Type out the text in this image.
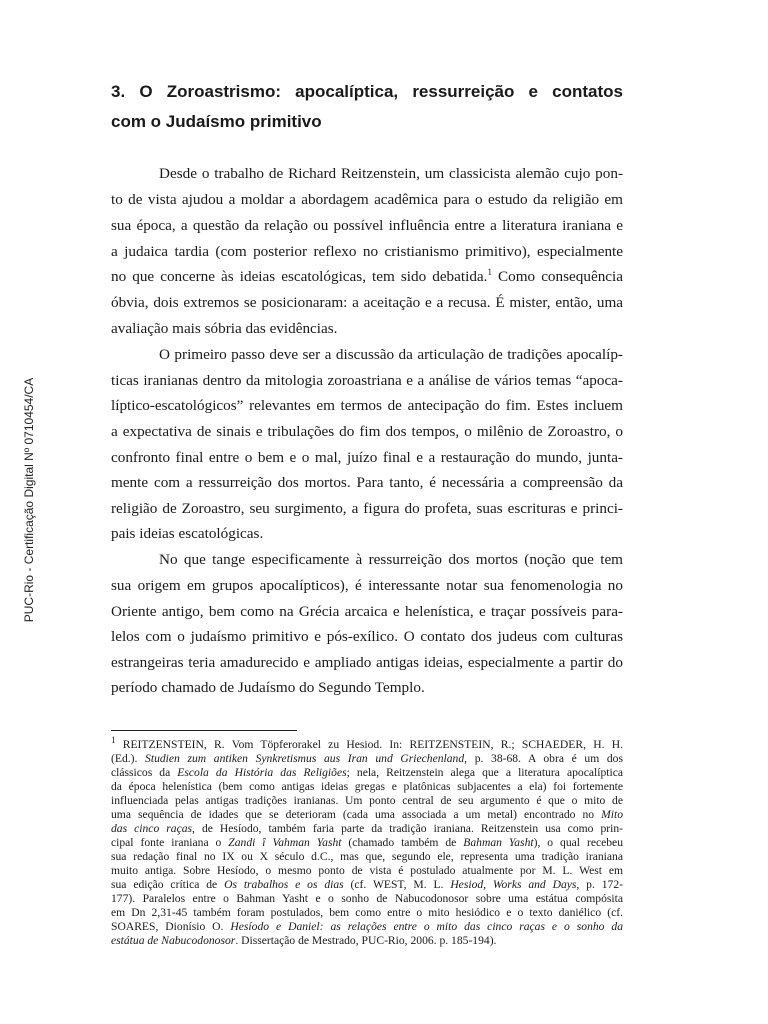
PUC-Rio - Certificação Digital Nº 0710454/CA
3. O Zoroastrismo: apocalíptica, ressurreição e contatos
com o Judaísmo primitivo
Desde o trabalho de Richard Reitzenstein, um classicista alemão cujo pon-
to de vista ajudou a moldar a abordagem acadêmica para o estudo da religião em
sua época, a questão da relação ou possível influência entre a literatura iraniana e
a judaica tardia (com posterior reflexo no cristianismo primitivo), especialmente
no que concerne às ideias escatológicas, tem sido debatida.$^1$ Como consequência
óbvia, dois extremos se posicionaram: a aceitação e a recusa. É mister, então, uma
avaliação mais sóbria das evidências.
O primeiro passo deve ser a discussão da articulação de tradições apocalíp-
ticas iranianas dentro da mitologia zoroastriana e a análise de vários temas “apoca-
líptico-escatológicos” relevantes em termos de antecipação do fim. Estes incluem
a expectativa de sinais e tribulações do fim dos tempos, o milênio de Zoroastro, o
confronto final entre o bem e o mal, juízo final e a restauração do mundo, junta-
mente com a ressurreição dos mortos. Para tanto, é necessária a compreensão da
religião de Zoroastro, seu surgimento, a figura do profeta, suas escrituras e princi-
pais ideias escatológicas.
No que tange especificamente à ressurreição dos mortos (noção que tem
sua origem em grupos apocalípticos), é interessante notar sua fenomenologia no
Oriente antigo, bem como na Grécia arcaica e helenística, e traçar possíveis para-
lelos com o judaísmo primitivo e pós-exílico. O contato dos judeus com culturas
estrangeiras teria amadurecido e ampliado antigas ideias, especialmente a partir do
período chamado de Judaísmo do Segundo Templo.
$^1$ REITZENSTEIN, R. Vom Töpferorakel zu Hesiod. In: REITZENSTEIN, R.; SCHAEDER, H. H.
(Ed.). Studien zum antiken Synkretismus aus Iran und Griechenland, p. 38-68. A obra é um dos
clássicos da Escola da História das Religiões; nela, Reitzenstein alega que a literatura apocalíptica
da época helenística (bem como antigas ideias gregas e platônicas subjacentes a ela) foi fortemente
influenciada pelas antigas tradições iranianas. Um ponto central de seu argumento é que o mito de
uma sequência de idades que se deterioram (cada uma associada a um metal) encontrado no Mito
das cinco raças, de Hesíodo, também faria parte da tradição iraniana. Reitzenstein usa como prin-
cipal fonte iraniana o Zandi î Vahman Yasht (chamado também de Bahman Yasht), o qual recebeu
sua redação final no IX ou X século d.C., mas que, segundo ele, representa uma tradição iraniana
muito antiga. Sobre Hesíodo, o mesmo ponto de vista é postulado atualmente por M. L. West em
sua edição crítica de Os trabalhos e os dias (cf. WEST, M. L. Hesiod, Works and Days, p. 172-
177). Paralelos entre o Bahman Yasht e o sonho de Nabucodonosor sobre uma estátua compósita
em Dn 2,31-45 também foram postulados, bem como entre o mito hesiódico e o texto daniélico (cf.
SOARES, Dionísio O. Hesíodo e Daniel: as relações entre o mito das cinco raças e o sonho da
estátua de Nabucodonosor. Dissertação de Mestrado, PUC-Rio, 2006. p. 185-194).
